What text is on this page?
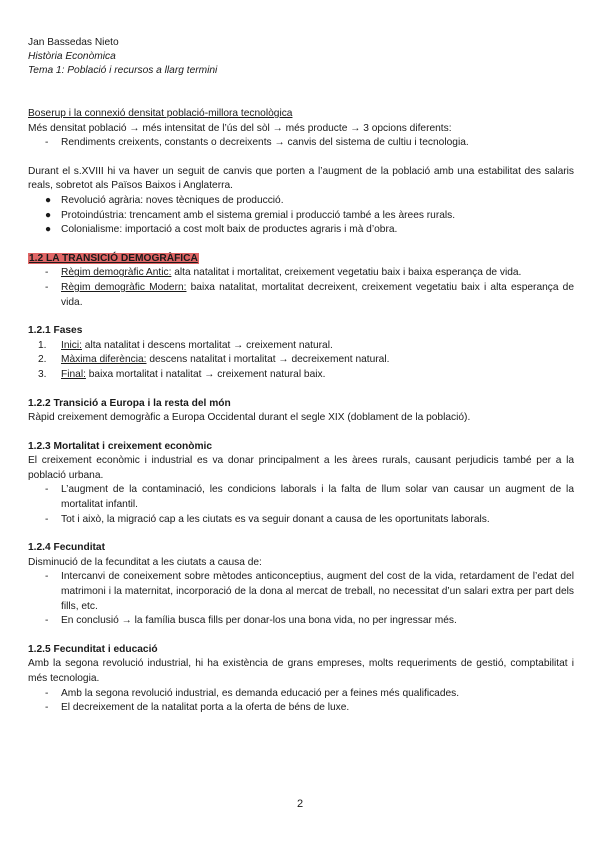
Jan Bassedas Nieto
Història Econòmica
Tema 1: Població i recursos a llarg termini

Boserup i la connexió densitat població-millora tecnològica

Més densitat població → més intensitat de l’ús del sòl → més producte → 3 opcions diferents:

- Rendiments creixents, constants o decreixents → canvis del sistema de cultiu i tecnologia.

Durant el s.XVIII hi va haver un seguit de canvis que porten a l’augment de la població amb una estabilitat des salaris reals, sobretot als Països Baixos i Anglaterra.

● Revolució agrària: noves tècniques de producció.
● Protoindústria: trencament amb el sistema gremial i producció també a les àrees rurals.
● Colonialisme: importació a cost molt baix de productes agraris i mà d’obra.

1.2 LA TRANSICIÓ DEMOGRÀFICA

- Règim demogràfic Antic: alta natalitat i mortalitat, creixement vegetatiu baix i baixa esperança de vida.
- Règim demogràfic Modern: baixa natalitat, mortalitat decreixent, creixement vegetatiu baix i alta esperança de vida.
1.2.1 Fases
1. Inici: alta natalitat i descens mortalitat → creixement natural.
2. Màxima diferència: descens natalitat i mortalitat → decreixement natural.
3. Final: baixa mortalitat i natalitat → creixement natural baix.
1.2.2 Transició a Europa i la resta del món

Ràpid creixement demogràfic a Europa Occidental durant el segle XIX (doblament de la població).

1.2.3 Mortalitat i creixement econòmic

El creixement econòmic i industrial es va donar principalment a les àrees rurals, causant perjudicis també per a la població urbana.

- L’augment de la contaminació, les condicions laborals i la falta de llum solar van causar un augment de la mortalitat infantil.
- Tot i això, la migració cap a les ciutats es va seguir donant a causa de les oportunitats laborals.
1.2.4 Fecunditat

Disminució de la fecunditat a les ciutats a causa de:

- Intercanvi de coneixement sobre mètodes anticonceptius, augment del cost de la vida, retardament de l’edat del matrimoni i la maternitat, incorporació de la dona al mercat de treball, no necessitat d’un salari extra per part dels fills, etc.
- En conclusió → la família busca fills per donar-los una bona vida, no per ingressar més.
1.2.5 Fecunditat i educació

Amb la segona revolució industrial, hi ha existència de grans empreses, molts requeriments de gestió, comptabilitat i més tecnologia.

- Amb la segona revolució industrial, es demanda educació per a feines més qualificades.
- El decreixement de la natalitat porta a la oferta de béns de luxe.
2
